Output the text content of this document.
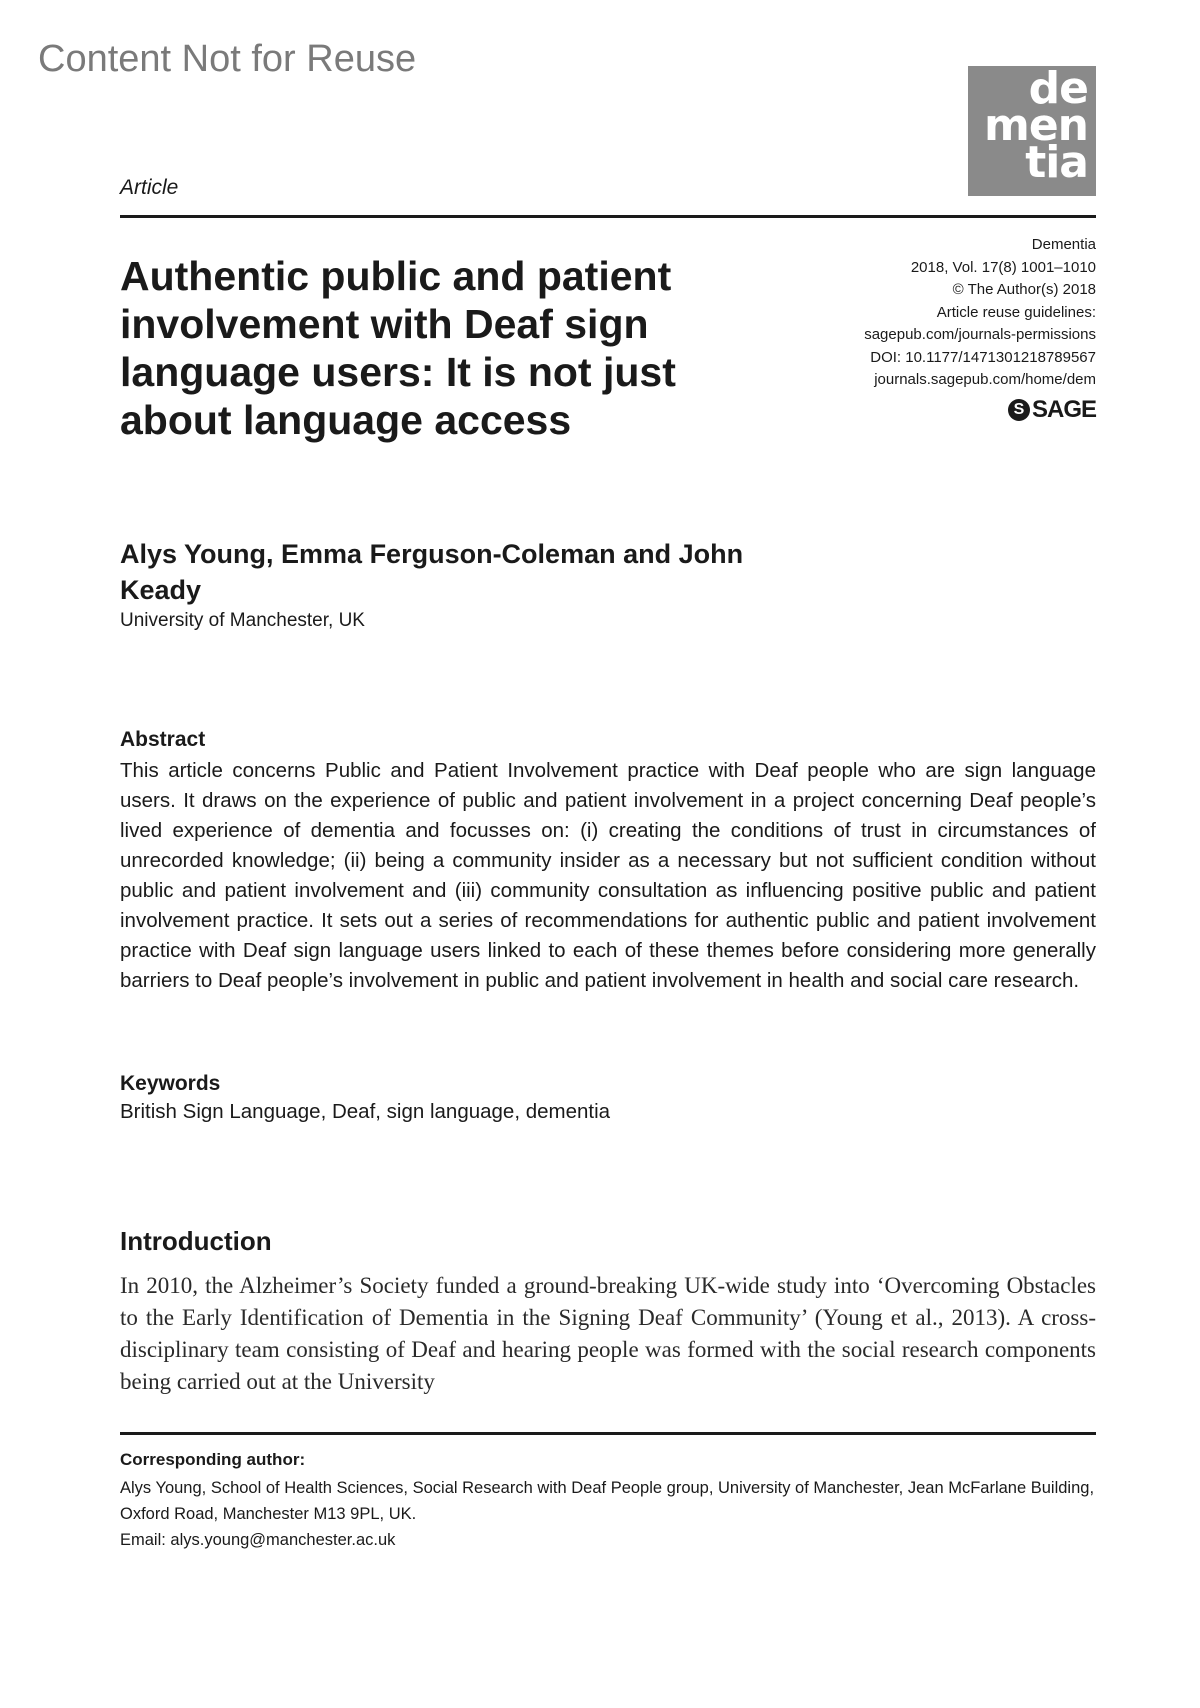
Content Not for Reuse
de
men
tia
Article
Authentic public and patient involvement with Deaf sign language users: It is not just about language access
Dementia
2018, Vol. 17(8) 1001–1010
© The Author(s) 2018
Article reuse guidelines:
sagepub.com/journals-permissions
DOI: 10.1177/1471301218789567
journals.sagepub.com/home/dem
S SAGE
Alys Young, Emma Ferguson-Coleman and John Keady
University of Manchester, UK
Abstract

This article concerns Public and Patient Involvement practice with Deaf people who are sign language users. It draws on the experience of public and patient involvement in a project concerning Deaf people’s lived experience of dementia and focusses on: (i) creating the conditions of trust in circumstances of unrecorded knowledge; (ii) being a community insider as a necessary but not sufficient condition without public and patient involvement and (iii) community consultation as influencing positive public and patient involvement practice. It sets out a series of recommendations for authentic public and patient involvement practice with Deaf sign language users linked to each of these themes before considering more generally barriers to Deaf people’s involvement in public and patient involvement in health and social care research.

Keywords
British Sign Language, Deaf, sign language, dementia
Introduction

In 2010, the Alzheimer’s Society funded a ground-breaking UK-wide study into ‘Overcoming Obstacles to the Early Identification of Dementia in the Signing Deaf Community’ (Young et al., 2013). A cross-disciplinary team consisting of Deaf and hearing people was formed with the social research components being carried out at the University

Corresponding author:
Alys Young, School of Health Sciences, Social Research with Deaf People group, University of Manchester, Jean McFarlane Building, Oxford Road, Manchester M13 9PL, UK.
Email: alys.young@manchester.ac.uk
